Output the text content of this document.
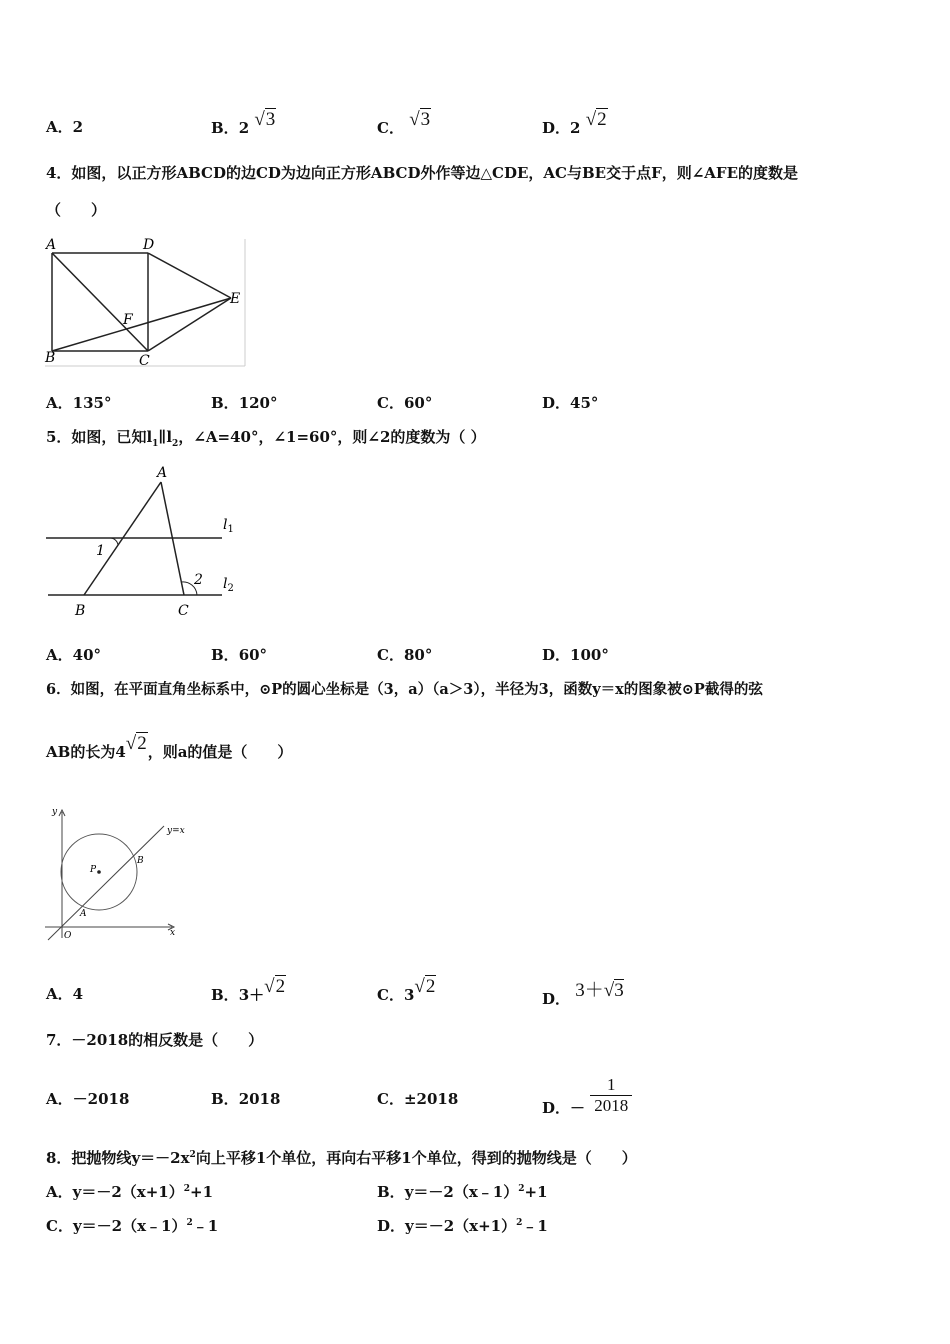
A．2	B．2 √3	C． √3	D．2 √2
4．如图，以正方形ABCD的边CD为边向正方形ABCD外作等边△CDE，AC与BE交于点F，则∠AFE的度数是
（　　）
A	D
E
F
B	C
A．135°	B．120°	C．60°	D．45°
5．如图，已知$l_1\parallel l_2$，∠A=40°，∠1=60°，则∠2的度数为（ ）
A
B	C
1
2
$l_1$
$l_2$
A．40°	B．60°	C．80°	D．100°
6．如图，在平面直角坐标系中，⊙P的圆心坐标是（3，a）（a＞3），半径为3，函数y＝x的图象被⊙P截得的弦
AB的长为4√2，则a的值是（　　）
y
x
y=x
P
B
A
O
A．4	B．3＋√2	C．3√2
D． 3＋√3
7．－2018的相反数是（　　）
A．－2018	B．2018	C．±2018	D．－ $\frac{1}{2018}$
8．把抛物线$y=-2x^2$向上平移1个单位，再向右平移1个单位，得到的抛物线是（　　）
A．$y=-2(x+1)^2+1$	B．y＝－2（x﹣1）$^2$+1
C．y＝－2（x﹣1）$^2$﹣1	D．$y=-2(x+1)^2﹣1$
